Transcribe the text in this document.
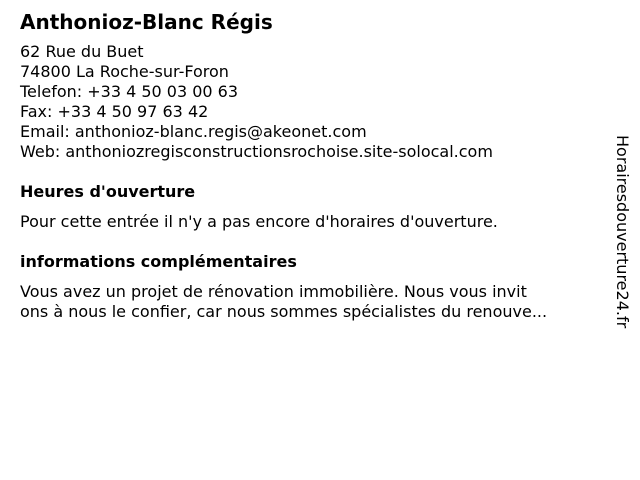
Anthonioz-Blanc Régis
62 Rue du Buet
74800 La Roche-sur-Foron
Telefon: +33 4 50 03 00 63
Fax: +33 4 50 97 63 42
Email: anthonioz-blanc.regis@akeonet.com
Web: anthoniozregisconstructionsrochoise.site-solocal.com
Heures d'ouverture
Pour cette entrée il n'y a pas encore d'horaires d'ouverture.
informations complémentaires
Vous avez un projet de rénovation immobilière. Nous vous invit
ons à nous le confier, car nous sommes spécialistes du renouve...	Horairesdouverture24.fr
